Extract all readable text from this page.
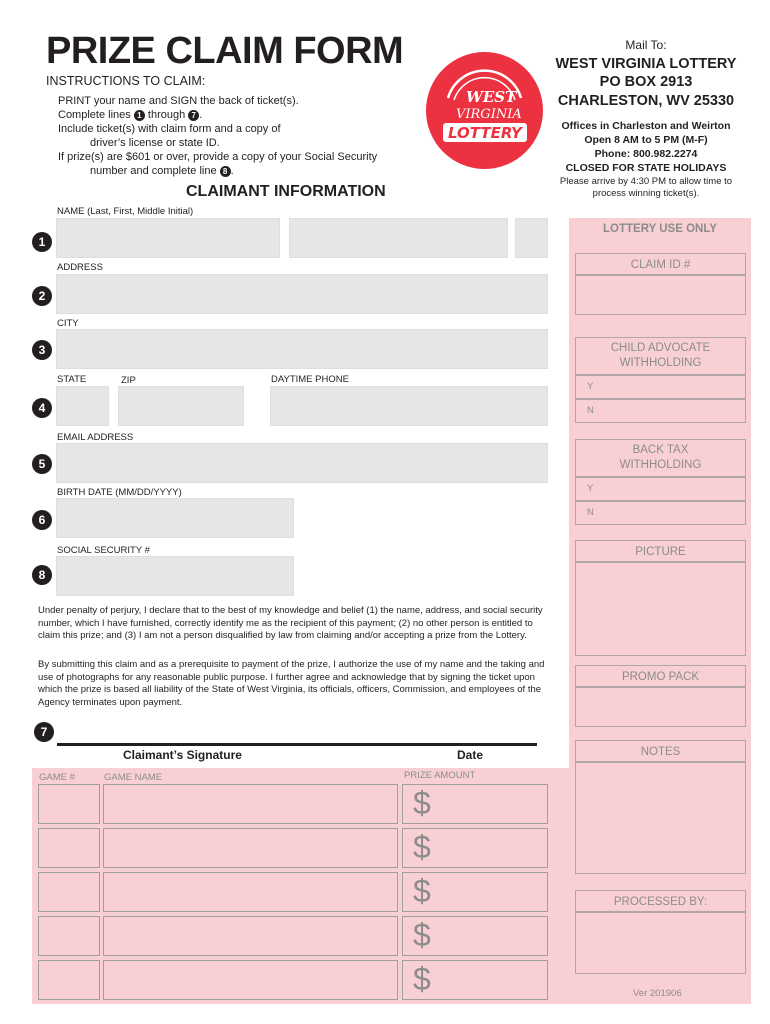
PRIZE CLAIM FORM
INSTRUCTIONS TO CLAIM:
PRINT your name and SIGN the back of ticket(s).
Complete lines 1 through 7 .
Include ticket(s) with claim form and a copy of
driver’s license or state ID.
If prize(s) are $601 or over, provide a copy of your Social Security
number and complete line 8 .
WEST
VIRGINIA
LOTTERY
Mail To:
WEST VIRGINIA LOTTERY
PO BOX 2913
CHARLESTON, WV 25330
Offices in Charleston and Weirton
Open 8 AM to 5 PM (M-F)
Phone: 800.982.2274
CLOSED FOR STATE HOLIDAYS
Please arrive by 4:30 PM to allow time to
process winning ticket(s).
CLAIMANT INFORMATION
NAME (Last, First, Middle Initial)
1
ADDRESS
2
CITY
3
STATE	ZIP	DAYTIME PHONE
4
EMAIL ADDRESS
5
BIRTH DATE (MM/DD/YYYY)
6
SOCIAL SECURITY #
8
Under penalty of perjury, I declare that to the best of my knowledge and belief (1) the name, address, and social security number, which I have furnished, correctly identify me as the recipient of this payment; (2) no other person is entitled to claim this prize; and (3) I am not a person disqualified by law from claiming and/or accepting a prize from the Lottery.
By submitting this claim and as a prerequisite to payment of the prize, I authorize the use of my name and the taking and use of photographs for any reasonable public purpose. I further agree and acknowledge that by signing the ticket upon which the prize is based all liability of the State of West Virginia, its officials, officers, Commission, and employees of the Agency terminates upon payment.
7
Claimant’s Signature	Date
GAME #	GAME NAME	PRIZE AMOUNT
$
$
$
$
$
LOTTERY USE ONLY
CLAIM ID #
CHILD ADVOCATE
WITHHOLDING
Y
N
BACK TAX
WITHHOLDING
Y
N
PICTURE
PROMO PACK
NOTES
PROCESSED BY:
Ver 201906
